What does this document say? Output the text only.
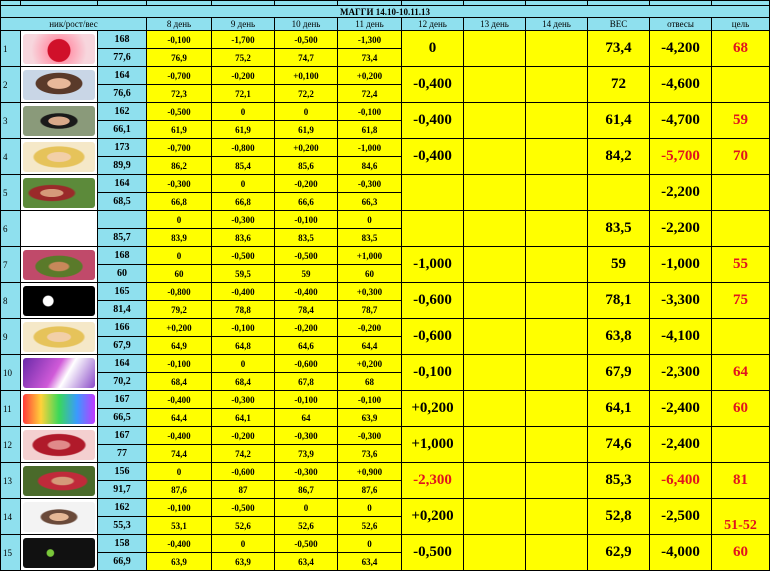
МАГГИ 14.10-10.11.13												
ник/рост/вес			8 день	9 день	10 день	11 день	12 день	13 день	14 день	ВЕС	отвесы	цель
1		168	-0,100	-1,700	-0,500	-1,300	0			73,4	-4,200	68
		77,6	76,9	75,2	74,7	73,4						
2		164	-0,700	-0,200	+0,100	+0,200	-0,400			72	-4,600	
		76,6	72,3	72,1	72,2	72,4						
3		162	-0,500	0	0	-0,100	-0,400			61,4	-4,700	59
		66,1	61,9	61,9	61,9	61,8						
4		173	-0,700	-0,800	+0,200	-1,000	-0,400			84,2	-5,700	70
		89,9	86,2	85,4	85,6	84,6						
5		164	-0,300	0	-0,200	-0,300					-2,200	
		68,5	66,8	66,8	66,6	66,3						
6			0	-0,300	-0,100	0				83,5	-2,200	
		85,7	83,9	83,6	83,5	83,5						
7		168	0	-0,500	-0,500	+1,000	-1,000			59	-1,000	55
		60	60	59,5	59	60						
8		165	-0,800	-0,400	-0,400	+0,300	-0,600			78,1	-3,300	75
		81,4	79,2	78,8	78,4	78,7						
9		166	+0,200	-0,100	-0,200	-0,200	-0,600			63,8	-4,100	
		67,9	64,9	64,8	64,6	64,4						
10		164	-0,100	0	-0,600	+0,200	-0,100			67,9	-2,300	64
		70,2	68,4	68,4	67,8	68						
11		167	-0,400	-0,300	-0,100	-0,100	+0,200			64,1	-2,400	60
		66,5	64,4	64,1	64	63,9						
12		167	-0,400	-0,200	-0,300	-0,300	+1,000			74,6	-2,400	
		77	74,4	74,2	73,9	73,6						
13		156	0	-0,600	-0,300	+0,900	-2,300			85,3	-6,400	81
		91,7	87,6	87	86,7	87,6						
14		162	-0,100	-0,500	0	0	+0,200			52,8	-2,500	51-52
		55,3	53,1	52,6	52,6	52,6						
15		158	-0,400	0	-0,500	0	-0,500			62,9	-4,000	60
		66,9	63,9	63,9	63,4	63,4						
